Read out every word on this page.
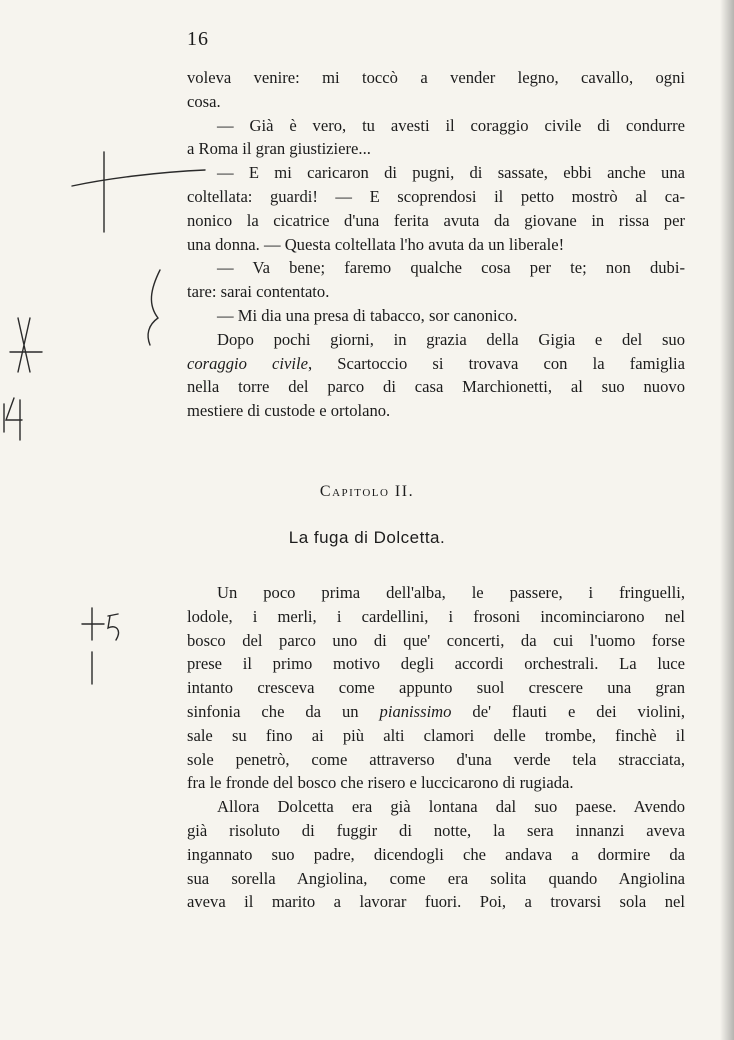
16
voleva venire: mi toccò a vender legno, cavallo, ogni
cosa.
— Già è vero, tu avesti il coraggio civile di condurre
a Roma il gran giustiziere...
— E mi caricaron di pugni, di sassate, ebbi anche una
coltellata: guardi! — E scoprendosi il petto mostrò al ca-
nonico la cicatrice d'una ferita avuta da giovane in rissa per
una donna. — Questa coltellata l'ho avuta da un liberale!
— Va bene; faremo qualche cosa per te; non dubi-
tare: sarai contentato.
— Mi dia una presa di tabacco, sor canonico.
Dopo pochi giorni, in grazia della Gigia e del suo
coraggio civile, Scartoccio si trovava con la famiglia
nella torre del parco di casa Marchionetti, al suo nuovo
mestiere di custode e ortolano.
Capitolo II.
La fuga di Dolcetta.
Un poco prima dell'alba, le passere, i fringuelli,
lodole, i merli, i cardellini, i frosoni incominciarono nel
bosco del parco uno di que' concerti, da cui l'uomo forse
prese il primo motivo degli accordi orchestrali. La luce
intanto cresceva come appunto suol crescere una gran
sinfonia che da un pianissimo de' flauti e dei violini,
sale su fino ai più alti clamori delle trombe, finchè il
sole penetrò, come attraverso d'una verde tela stracciata,
fra le fronde del bosco che risero e luccicarono di rugiada.
Allora Dolcetta era già lontana dal suo paese. Avendo
già risoluto di fuggir di notte, la sera innanzi aveva
ingannato suo padre, dicendogli che andava a dormire da
sua sorella Angiolina, come era solita quando Angiolina
aveva il marito a lavorar fuori. Poi, a trovarsi sola nel
